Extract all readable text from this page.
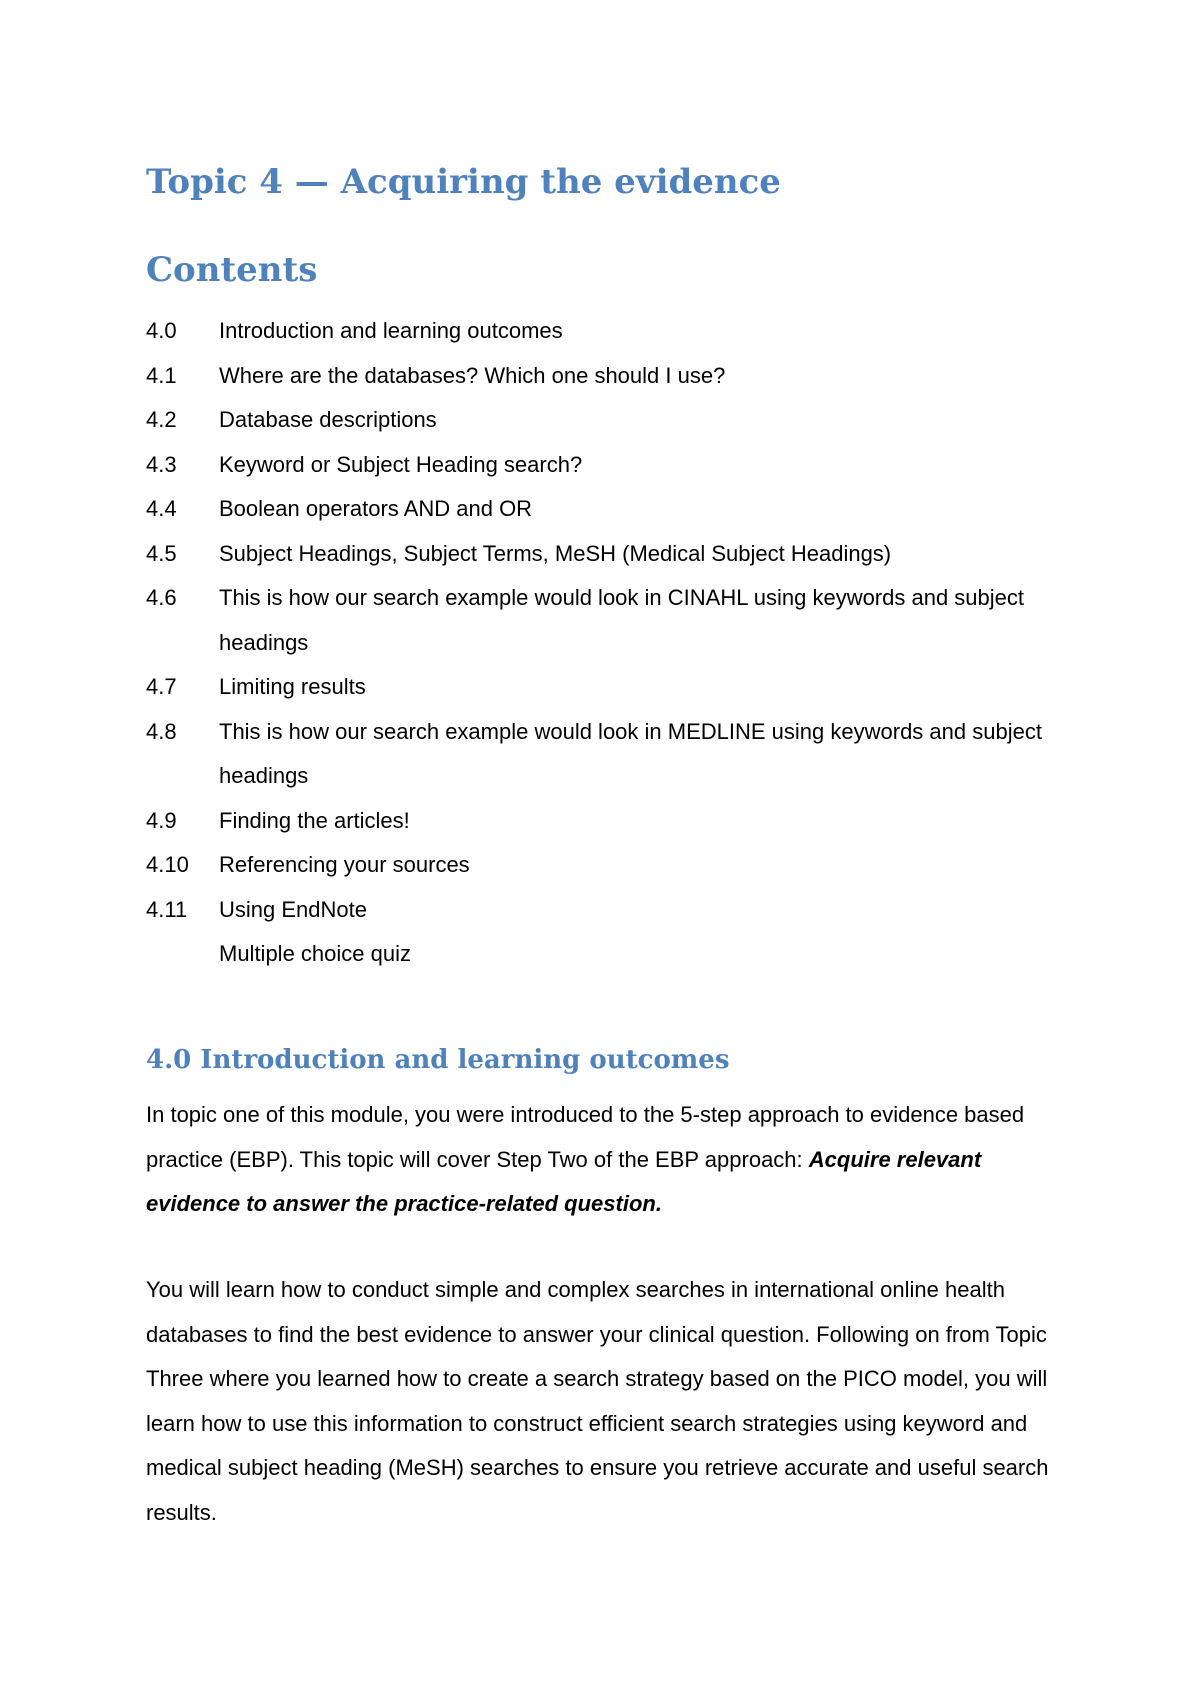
Topic 4 — Acquiring the evidence
Contents
4.0	Introduction and learning outcomes
4.1	Where are the databases? Which one should I use?
4.2	Database descriptions
4.3	Keyword or Subject Heading search?
4.4	Boolean operators AND and OR
4.5	Subject Headings, Subject Terms, MeSH (Medical Subject Headings)
4.6	This is how our search example would look in CINAHL using keywords and subject headings
4.7	Limiting results
4.8	This is how our search example would look in MEDLINE using keywords and subject headings
4.9	Finding the articles!
4.10	Referencing your sources
4.11	Using EndNote
Multiple choice quiz
4.0 Introduction and learning outcomes

In topic one of this module, you were introduced to the 5-step approach to evidence based practice (EBP). This topic will cover Step Two of the EBP approach: Acquire relevant evidence to answer the practice-related question.

You will learn how to conduct simple and complex searches in international online health databases to find the best evidence to answer your clinical question. Following on from Topic Three where you learned how to create a search strategy based on the PICO model, you will learn how to use this information to construct efficient search strategies using keyword and medical subject heading (MeSH) searches to ensure you retrieve accurate and useful search results.
